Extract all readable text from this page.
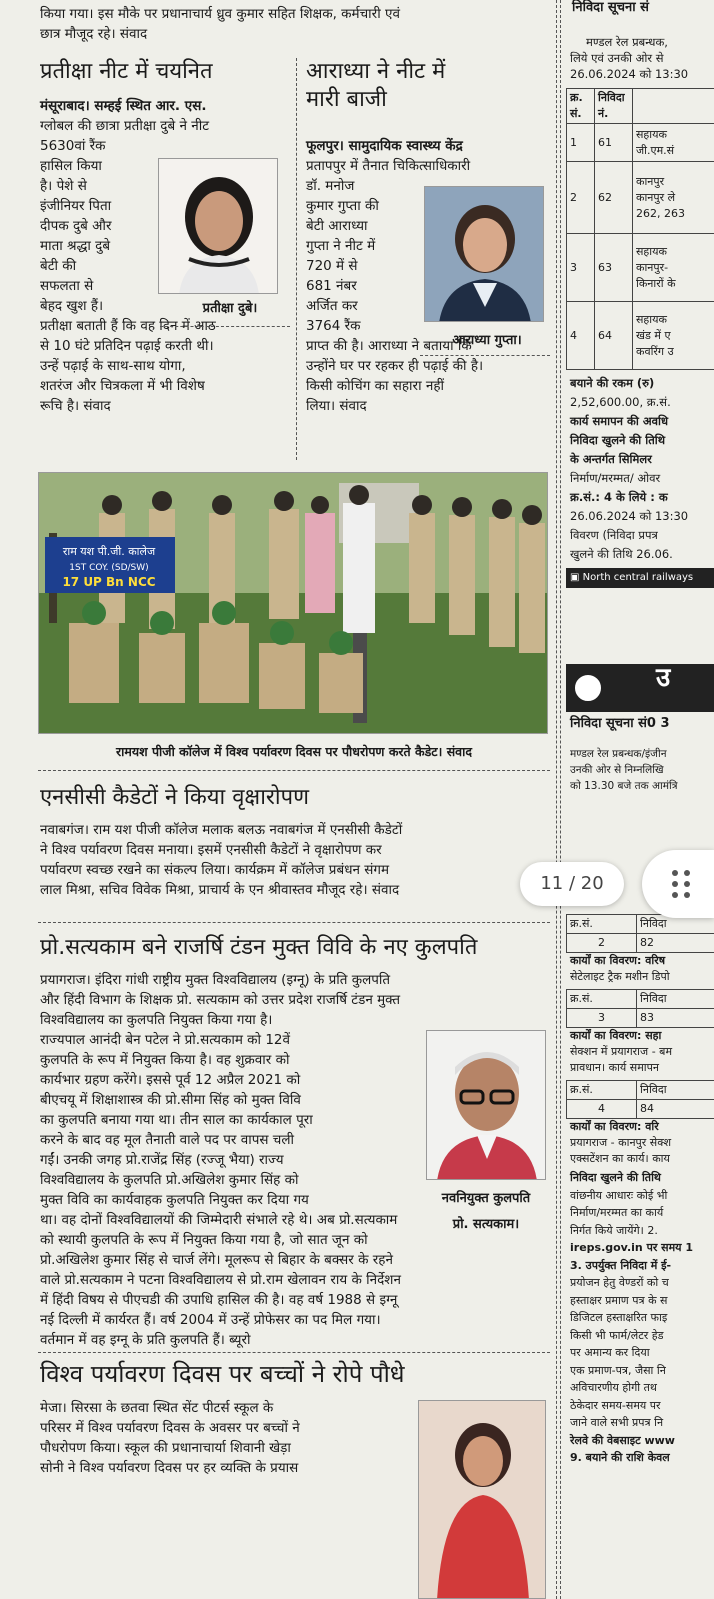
किया गया। इस मौके पर प्रधानाचार्य ध्रुव कुमार सहित शिक्षक, कर्मचारी एवं
छात्र मौजूद रहे। संवाद
प्रतीक्षा नीट में चयनित
मंसूराबाद। सम्हई स्थित आर. एस.
ग्लोबल की छात्रा प्रतीक्षा दुबे ने नीट
5630वां रैंक
हासिल किया
है। पेशे से
इंजीनियर पिता
दीपक दुबे और
माता श्रद्धा दुबे
बेटी की
सफलता से
बेहद खुश हैं।
प्रतीक्षा बताती हैं कि वह दिन में आठ
से 10 घंटे प्रतिदिन पढ़ाई करती थी।
उन्हें पढ़ाई के साथ-साथ योगा,
शतरंज और चित्रकला में भी विशेष
रूचि है। संवाद
प्रतीक्षा दुबे।
आराध्या ने नीट में
मारी बाजी
फूलपुर। सामुदायिक स्वास्थ्य केंद्र
प्रतापपुर में तैनात चिकित्साधिकारी
डॉ. मनोज
कुमार गुप्ता की
बेटी आराध्या
गुप्ता ने नीट में
720 में से
681 नंबर
अर्जित कर
3764 रैंक
प्राप्त की है। आराध्या ने बताया कि
उन्होंने घर पर रहकर ही पढ़ाई की है।
किसी कोचिंग का सहारा नहीं
लिया। संवाद
आराध्या गुप्ता।
राम यश पी.जी. कालेज
1ST COY. (SD/SW)
17 UP Bn NCC
रामयश पीजी कॉलेज में विश्व पर्यावरण दिवस पर पौधरोपण करते कैडेट। संवाद
एनसीसी कैडेटों ने किया वृक्षारोपण
नवाबगंज। राम यश पीजी कॉलेज मलाक बलऊ नवाबगंज में एनसीसी कैडेटों
ने विश्व पर्यावरण दिवस मनाया। इसमें एनसीसी कैडेटों ने वृक्षारोपण कर
पर्यावरण स्वच्छ रखने का संकल्प लिया। कार्यक्रम में कॉलेज प्रबंधन संगम
लाल मिश्रा, सचिव विवेक मिश्रा, प्राचार्य के एन श्रीवास्तव मौजूद रहे। संवाद
प्रो.सत्यकाम बने राजर्षि टंडन मुक्त विवि के नए कुलपति
प्रयागराज। इंदिरा गांधी राष्ट्रीय मुक्त विश्वविद्यालय (इग्नू) के प्रति कुलपति
और हिंदी विभाग के शिक्षक प्रो. सत्यकाम को उत्तर प्रदेश राजर्षि टंडन मुक्त
विश्वविद्यालय का कुलपति नियुक्त किया गया है।
राज्यपाल आनंदी बेन पटेल ने प्रो.सत्यकाम को 12वें
कुलपति के रूप में नियुक्त किया है। वह शुक्रवार को
कार्यभार ग्रहण करेंगे। इससे पूर्व 12 अप्रैल 2021 को
बीएचयू में शिक्षाशास्त्र की प्रो.सीमा सिंह को मुक्त विवि
का कुलपति बनाया गया था। तीन साल का कार्यकाल पूरा
करने के बाद वह मूल तैनाती वाले पद पर वापस चली
गईं। उनकी जगह प्रो.राजेंद्र सिंह (रज्जू भैया) राज्य
विश्वविद्यालय के कुलपति प्रो.अखिलेश कुमार सिंह को
मुक्त विवि का कार्यवाहक कुलपति नियुक्त कर दिया गय
था। वह दोनों विश्वविद्यालयों की जिम्मेदारी संभाले रहे थे। अब प्रो.सत्यकाम
को स्थायी कुलपति के रूप में नियुक्त किया गया है, जो सात जून को
प्रो.अखिलेश कुमार सिंह से चार्ज लेंगे। मूलरूप से बिहार के बक्सर के रहने
वाले प्रो.सत्यकाम ने पटना विश्वविद्यालय से प्रो.राम खेलावन राय के निर्देशन
में हिंदी विषय से पीएचडी की उपाधि हासिल की है। वह वर्ष 1988 से इग्नू
नई दिल्ली में कार्यरत हैं। वर्ष 2004 में उन्हें प्रोफेसर का पद मिल गया।
वर्तमान में वह इग्नू के प्रति कुलपति हैं। ब्यूरो
नवनियुक्त कुलपति
प्रो. सत्यकाम।
विश्व पर्यावरण दिवस पर बच्चों ने रोपे पौधे
मेजा। सिरसा के छतवा स्थित सेंट पीटर्स स्कूल के
परिसर में विश्व पर्यावरण दिवस के अवसर पर बच्चों ने
पौधरोपण किया। स्कूल की प्रधानाचार्या शिवानी खेड़ा
सोनी ने विश्व पर्यावरण दिवस पर हर व्यक्ति के प्रयास
निविदा सूचना सं
मण्डल रेल प्रबन्धक,
लिये एवं उनकी ओर से
26.06.2024 को 13:30
क्र. सं.	निविदा नं.	
1	61	सहायक
जी.एम.सं

2	62	कानपुर
कानपुर ले
262, 263

3	63	सहायक
कानपुर-
किनारों के

4	64	सहायक
खंड में ए
कवरिंग उ
बयाने की रकम (रु)
2,52,600.00, क्र.सं.
कार्य समापन की अवधि
निविदा खुलने की तिथि
के अन्तर्गत सिमिलर
निर्माण/मरम्मत/ ओवर
क्र.सं.: 4 के लिये : क
26.06.2024 को 13:30
विवरण (निविदा प्रपत्र
खुलने की तिथि 26.06.
▣ North central railways
उ
निविदा सूचना सं0 3
मण्डल रेल प्रबन्धक/इंजीन
उनकी ओर से निम्नलिखि
को 13.30 बजे तक आमंत्रि
क्र.सं.	निविदा
2	82
कार्यों का विवरण: वरिष
सेटेलाइट ट्रैक मशीन डिपो
क्र.सं.	निविदा
3	83
कार्यों का विवरण: सहा
सेक्शन में प्रयागराज - बम
प्रावधान। कार्य समापन
क्र.सं.	निविदा
4	84
कार्यों का विवरण: वरि
प्रयागराज - कानपुर सेक्श
एक्सटेंशन का कार्य। काय
निविदा खुलने की तिथि
वांछनीय आधारः कोई भी
निर्माण/मरम्मत का कार्य
निर्गत किये जायेंगे। 2.
ireps.gov.in पर समय 1
3. उपर्युक्त निविदा में ई-
प्रयोजन हेतु वेण्डरों को च
हस्ताक्षर प्रमाण पत्र के स
डिजिटल हस्ताक्षरित फाइ
किसी भी फार्म/लेटर हेड
पर अमान्य कर दिया
एक प्रमाण-पत्र, जैसा नि
अविचारणीय होगी तथ
ठेकेदार समय-समय पर
जाने वाले सभी प्रपत्र नि
रेलवे की वेबसाइट www
9. बयाने की राशि केवल
11 / 20
